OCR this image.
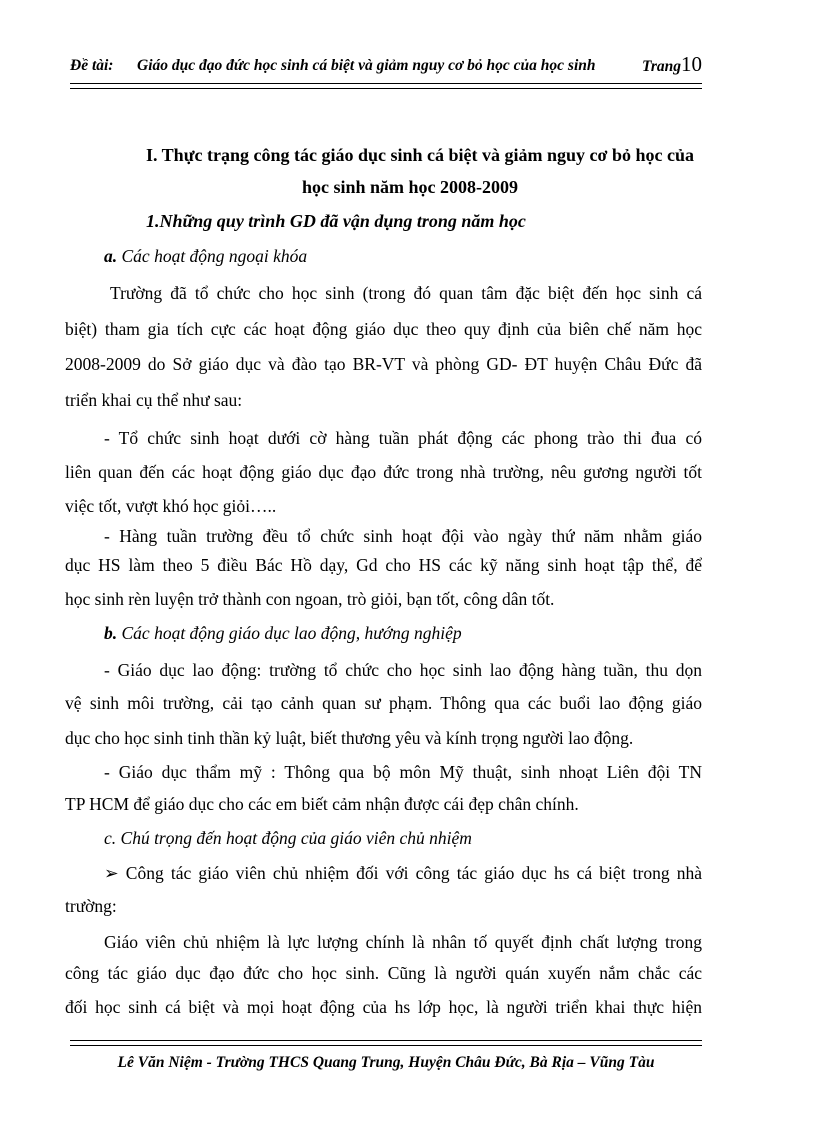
Đề tài: Giáo dục đạo đức học sinh cá biệt và giảm nguy cơ bỏ học của học sinh	Trang10
I. Thực trạng công tác giáo dục sinh cá biệt và giảm nguy cơ bỏ học của
học sinh năm học 2008-2009
1.Những quy trình GD đã vận dụng trong năm học
a. Các hoạt động ngoại khóa
Trường đã tổ chức cho học sinh (trong đó quan tâm đặc biệt đến học sinh cá
biệt) tham gia tích cực các hoạt động giáo dục theo quy định của biên chế năm học
2008-2009 do Sở giáo dục và đào tạo BR-VT và phòng GD- ĐT huyện Châu Đức đã
triển khai cụ thể như sau:
- Tổ chức sinh hoạt dưới cờ hàng tuần phát động các phong trào thi đua có
liên quan đến các hoạt động giáo dục đạo đức trong nhà trường, nêu gương người tốt
việc tốt, vượt khó học giỏi…..
- Hàng tuần trường đều tổ chức sinh hoạt đội vào ngày thứ năm nhằm giáo
dục HS làm theo 5 điều Bác Hồ dạy, Gd cho HS các kỹ năng sinh hoạt tập thể, để
học sinh rèn luyện trở thành con ngoan, trò giỏi, bạn tốt, công dân tốt.
b. Các hoạt động giáo dục lao động, hướng nghiệp
- Giáo dục lao động: trường tổ chức cho học sinh lao động hàng tuần, thu dọn
vệ sinh môi trường, cải tạo cảnh quan sư phạm. Thông qua các buổi lao động giáo
dục cho học sinh tinh thần kỷ luật, biết thương yêu và kính trọng người lao động.
- Giáo dục thẩm mỹ : Thông qua bộ môn Mỹ thuật, sinh nhoạt Liên đội TN
TP HCM để giáo dục cho các em biết cảm nhận được cái đẹp chân chính.
c. Chú trọng đến hoạt động của giáo viên chủ nhiệm
➢ Công tác giáo viên chủ nhiệm đối với công tác giáo dục hs cá biệt trong nhà
trường:
Giáo viên chủ nhiệm là lực lượng chính là nhân tố quyết định chất lượng trong
công tác giáo dục đạo đức cho học sinh. Cũng là người quán xuyến nắm chắc các
đối học sinh cá biệt và mọi hoạt động của hs lớp học, là người triển khai thực hiện
Lê Văn Niệm - Trường THCS Quang Trung, Huyện Châu Đức, Bà Rịa – Vũng Tàu
